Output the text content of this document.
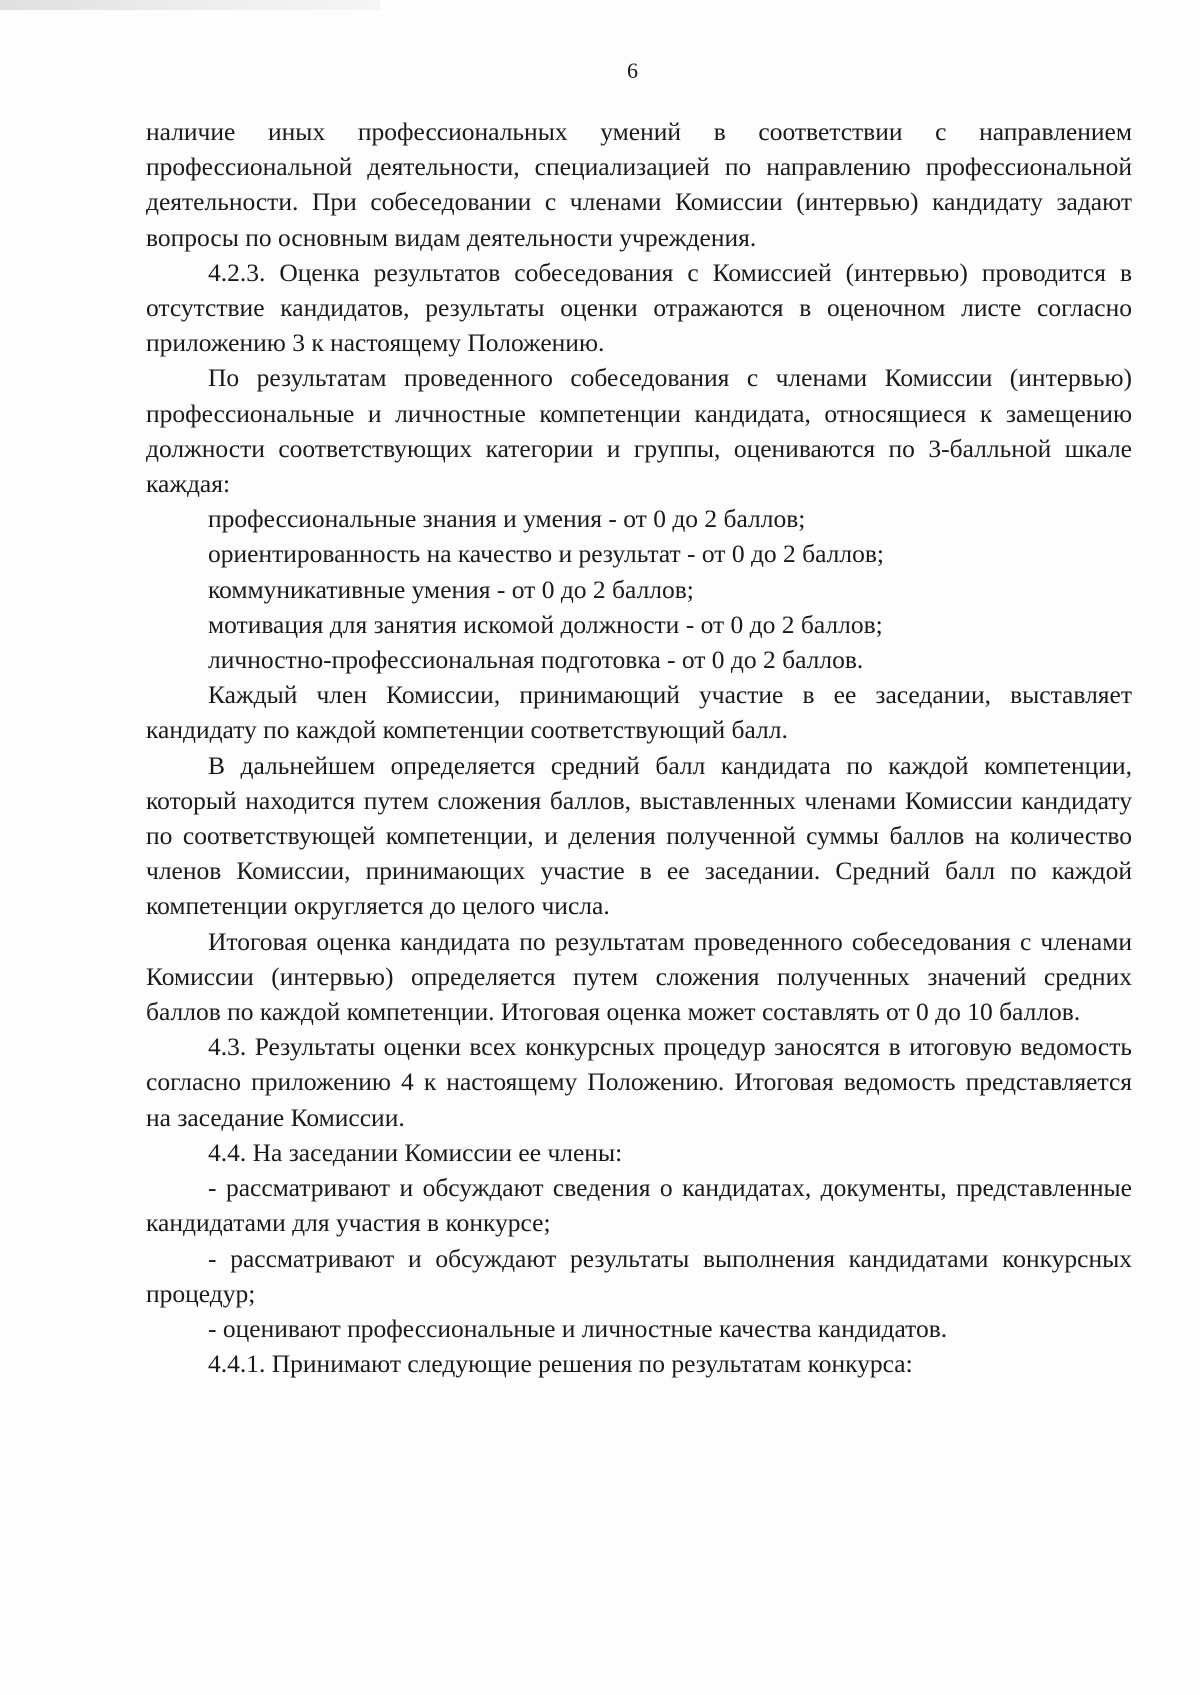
6

наличие иных профессиональных умений в соответствии с направлением профессиональной деятельности, специализацией по направлению профессиональной деятельности. При собеседовании с членами Комиссии (интервью) кандидату задают вопросы по основным видам деятельности учреждения.

4.2.3. Оценка результатов собеседования с Комиссией (интервью) проводится в отсутствие кандидатов, результаты оценки отражаются в оценочном листе согласно приложению 3 к настоящему Положению.

По результатам проведенного собеседования с членами Комиссии (интервью) профессиональные и личностные компетенции кандидата, относящиеся к замещению должности соответствующих категории и группы, оцениваются по 3-балльной шкале каждая:

профессиональные знания и умения - от 0 до 2 баллов;

ориентированность на качество и результат - от 0 до 2 баллов;

коммуникативные умения - от 0 до 2 баллов;

мотивация для занятия искомой должности - от 0 до 2 баллов;

личностно-профессиональная подготовка - от 0 до 2 баллов.

Каждый член Комиссии, принимающий участие в ее заседании, выставляет кандидату по каждой компетенции соответствующий балл.

В дальнейшем определяется средний балл кандидата по каждой компетенции, который находится путем сложения баллов, выставленных членами Комиссии кандидату по соответствующей компетенции, и деления полученной суммы баллов на количество членов Комиссии, принимающих участие в ее заседании. Средний балл по каждой компетенции округляется до целого числа.

Итоговая оценка кандидата по результатам проведенного собеседования с членами Комиссии (интервью) определяется путем сложения полученных значений средних баллов по каждой компетенции. Итоговая оценка может составлять от 0 до 10 баллов.

4.3. Результаты оценки всех конкурсных процедур заносятся в итоговую ведомость согласно приложению 4 к настоящему Положению. Итоговая ведомость представляется на заседание Комиссии.

4.4. На заседании Комиссии ее члены:

- рассматривают и обсуждают сведения о кандидатах, документы, представленные кандидатами для участия в конкурсе;

- рассматривают и обсуждают результаты выполнения кандидатами конкурсных процедур;

- оценивают профессиональные и личностные качества кандидатов.

4.4.1. Принимают следующие решения по результатам конкурса:
